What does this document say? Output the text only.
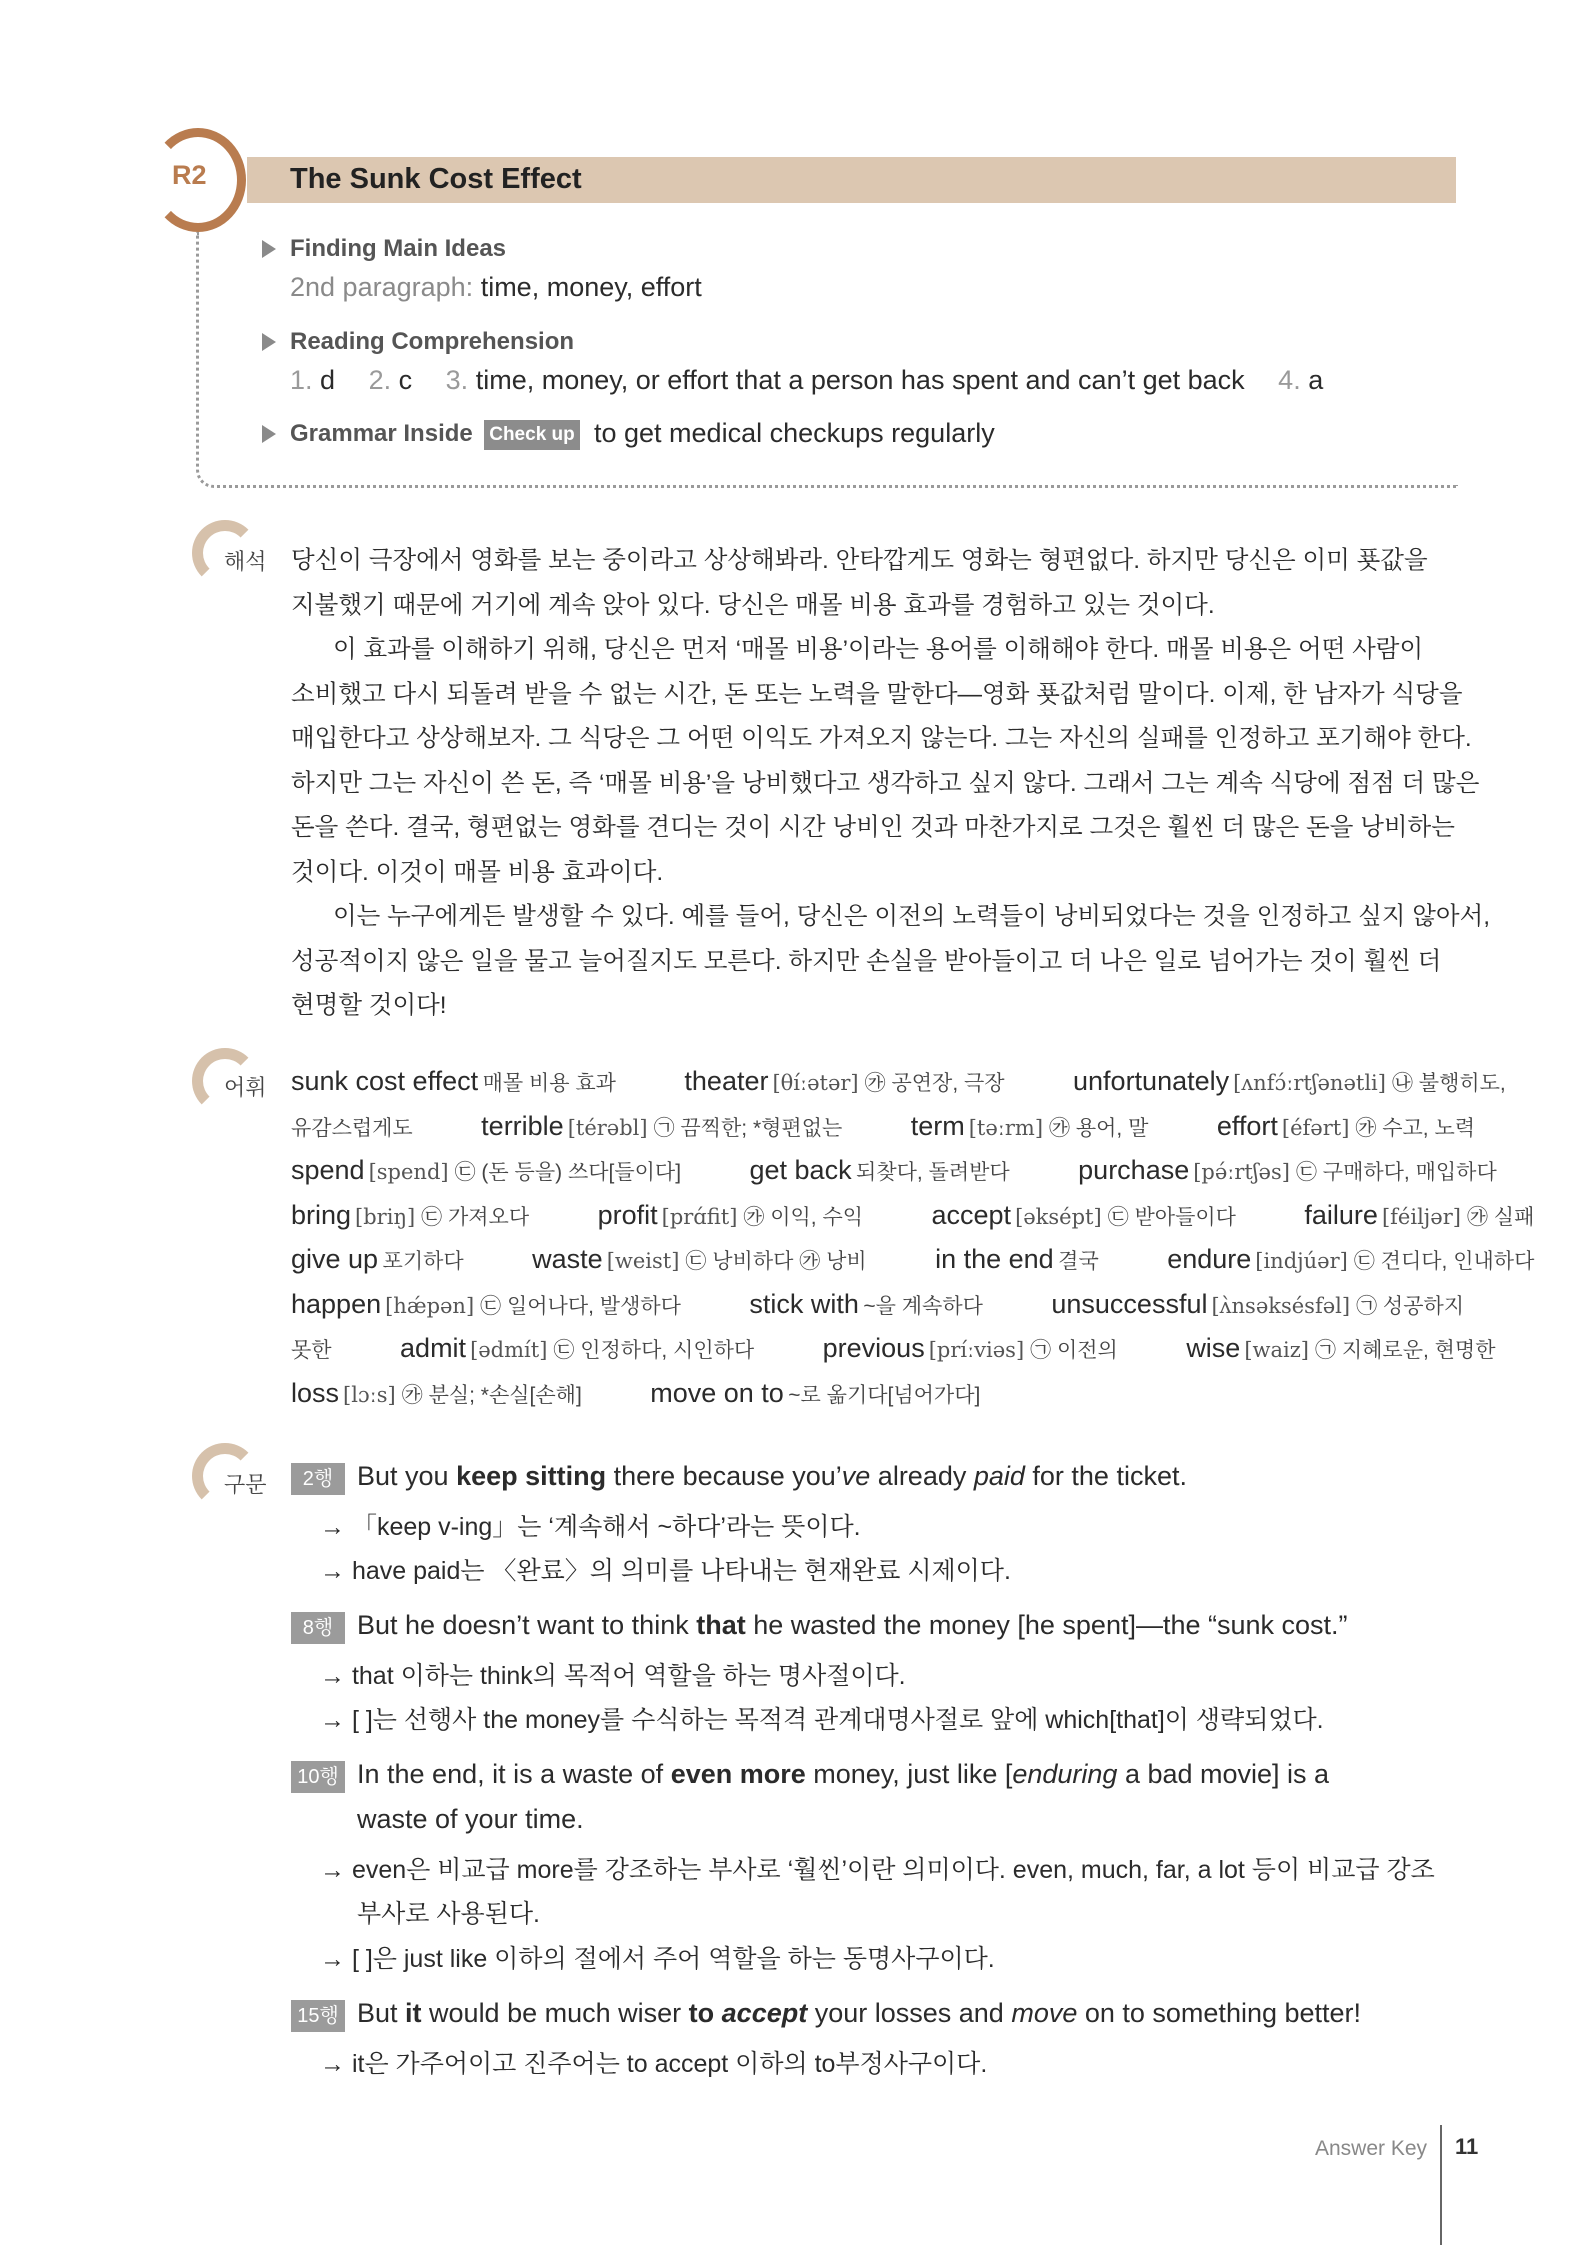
R2	The Sunk Cost Effect
Finding Main Ideas
2nd paragraph: time, money, effort
Reading Comprehension
1. d 2. c 3. time, money, or effort that a person has spent and can’t get back 4. a
Grammar Inside Check up to get medical checkups regularly
해석 당신이 극장에서 영화를 보는 중이라고 상상해봐라. 안타깝게도 영화는 형편없다. 하지만 당신은 이미 푯값을
지불했기 때문에 거기에 계속 앉아 있다. 당신은 매몰 비용 효과를 경험하고 있는 것이다.
이 효과를 이해하기 위해, 당신은 먼저 ‘매몰 비용’이라는 용어를 이해해야 한다. 매몰 비용은 어떤 사람이
소비했고 다시 되돌려 받을 수 없는 시간, 돈 또는 노력을 말한다—영화 푯값처럼 말이다. 이제, 한 남자가 식당을
매입한다고 상상해보자. 그 식당은 그 어떤 이익도 가져오지 않는다. 그는 자신의 실패를 인정하고 포기해야 한다.
하지만 그는 자신이 쓴 돈, 즉 ‘매몰 비용’을 낭비했다고 생각하고 싶지 않다. 그래서 그는 계속 식당에 점점 더 많은
돈을 쓴다. 결국, 형편없는 영화를 견디는 것이 시간 낭비인 것과 마찬가지로 그것은 훨씬 더 많은 돈을 낭비하는
것이다. 이것이 매몰 비용 효과이다.
이는 누구에게든 발생할 수 있다. 예를 들어, 당신은 이전의 노력들이 낭비되었다는 것을 인정하고 싶지 않아서,
성공적이지 않은 일을 물고 늘어질지도 모른다. 하지만 손실을 받아들이고 더 나은 일로 넘어가는 것이 훨씬 더
현명할 것이다!
어휘 sunk cost effect 매몰 비용 효과	theater [θíːətər] ㉮ 공연장, 극장	unfortunately [ʌnfɔ́ːrtʃənətli] ㉯ 불행히도,
유감스럽게도	terrible [térəbl] ㉠ 끔찍한; *형편없는	term [təːrm] ㉮ 용어, 말	effort [éfərt] ㉮ 수고, 노력
spend [spend] ㉢ (돈 등을) 쓰다[들이다]	get back 되찾다, 돌려받다	purchase [pə́ːrtʃəs] ㉢ 구매하다, 매입하다
bring [briŋ] ㉢ 가져오다	profit [prɑ́fit] ㉮ 이익, 수익	accept [əksépt] ㉢ 받아들이다	failure [féiljər] ㉮ 실패
give up 포기하다	waste [weist] ㉢ 낭비하다 ㉮ 낭비	in the end 결국	endure [indjúər] ㉢ 견디다, 인내하다
happen [hǽpən] ㉢ 일어나다, 발생하다	stick with ~을 계속하다	unsuccessful [ʌ̀nsəksésfəl] ㉠ 성공하지
못한	admit [ədmít] ㉢ 인정하다, 시인하다	previous [príːviəs] ㉠ 이전의	wise [waiz] ㉠ 지혜로운, 현명한
loss [lɔːs] ㉮ 분실; *손실[손해]	move on to ~로 옮기다[넘어가다]
구문	2행 But you keep sitting there because you’ve already paid for the ticket.
→ 「keep v-ing」는 ‘계속해서 ~하다’라는 뜻이다.
→ have paid는 〈완료〉의 의미를 나타내는 현재완료 시제이다.
8행 But he doesn’t want to think that he wasted the money [he spent]—the “sunk cost.”
→ that 이하는 think의 목적어 역할을 하는 명사절이다.
→ [ ]는 선행사 the money를 수식하는 목적격 관계대명사절로 앞에 which[that]이 생략되었다.
10행 In the end, it is a waste of even more money, just like [enduring a bad movie] is a
waste of your time.
→ even은 비교급 more를 강조하는 부사로 ‘훨씬’이란 의미이다. even, much, far, a lot 등이 비교급 강조
부사로 사용된다.
→ [ ]은 just like 이하의 절에서 주어 역할을 하는 동명사구이다.
15행 But it would be much wiser to accept your losses and move on to something better!
→ it은 가주어이고 진주어는 to accept 이하의 to부정사구이다.
Answer Key 11
